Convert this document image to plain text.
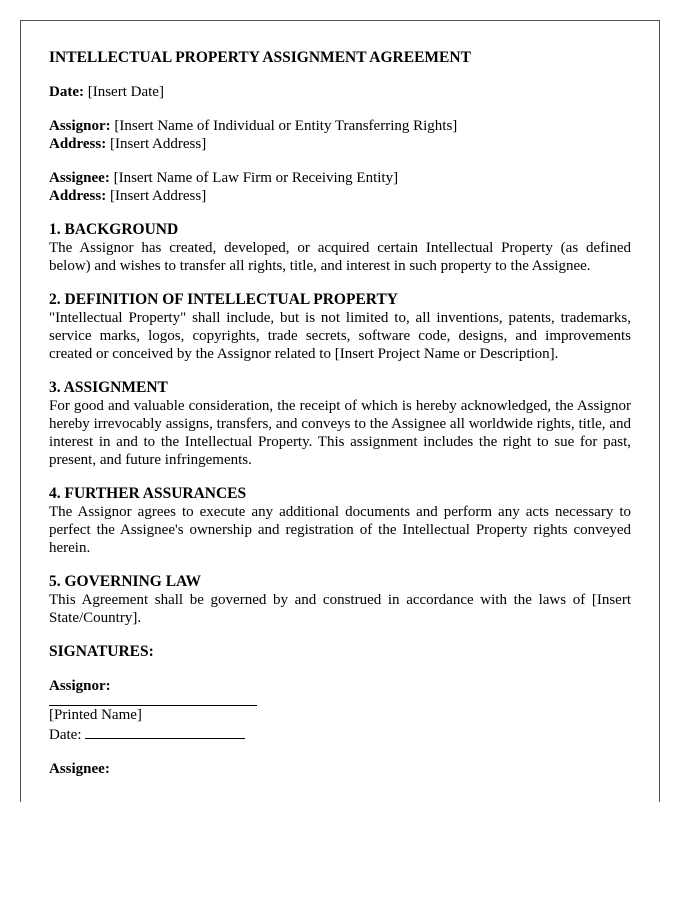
INTELLECTUAL PROPERTY ASSIGNMENT AGREEMENT
Date: [Insert Date]
Assignor: [Insert Name of Individual or Entity Transferring Rights]
Address: [Insert Address]
Assignee: [Insert Name of Law Firm or Receiving Entity]
Address: [Insert Address]
1. BACKGROUND
The Assignor has created, developed, or acquired certain Intellectual Property (as defined below) and wishes to transfer all rights, title, and interest in such property to the Assignee.
2. DEFINITION OF INTELLECTUAL PROPERTY
"Intellectual Property" shall include, but is not limited to, all inventions, patents, trademarks, service marks, logos, copyrights, trade secrets, software code, designs, and improvements created or conceived by the Assignor related to [Insert Project Name or Description].
3. ASSIGNMENT
For good and valuable consideration, the receipt of which is hereby acknowledged, the Assignor hereby irrevocably assigns, transfers, and conveys to the Assignee all worldwide rights, title, and interest in and to the Intellectual Property. This assignment includes the right to sue for past, present, and future infringements.
4. FURTHER ASSURANCES
The Assignor agrees to execute any additional documents and perform any acts necessary to perfect the Assignee's ownership and registration of the Intellectual Property rights conveyed herein.
5. GOVERNING LAW
This Agreement shall be governed by and construed in accordance with the laws of [Insert State/Country].
SIGNATURES:
Assignor:
[Printed Name]
Date:
Assignee:
